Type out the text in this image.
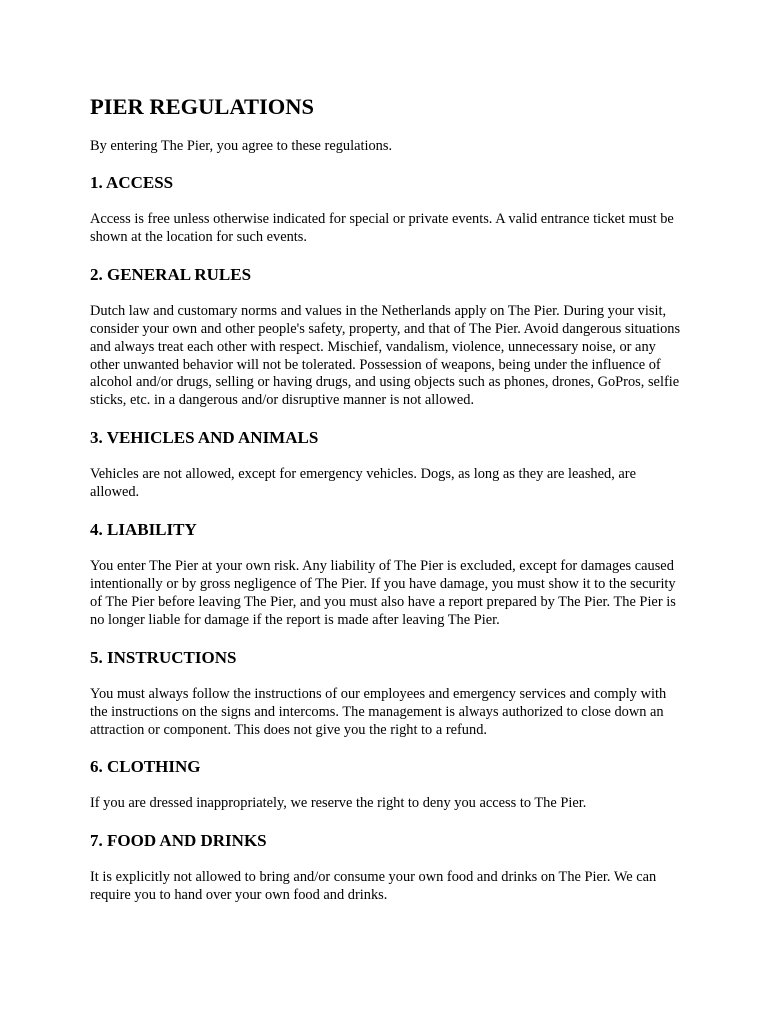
PIER REGULATIONS

By entering The Pier, you agree to these regulations.

1. ACCESS

Access is free unless otherwise indicated for special or private events. A valid entrance ticket must be shown at the location for such events.

2. GENERAL RULES

Dutch law and customary norms and values in the Netherlands apply on The Pier. During your visit, consider your own and other people's safety, property, and that of The Pier. Avoid dangerous situations and always treat each other with respect. Mischief, vandalism, violence, unnecessary noise, or any other unwanted behavior will not be tolerated. Possession of weapons, being under the influence of alcohol and/or drugs, selling or having drugs, and using objects such as phones, drones, GoPros, selfie sticks, etc. in a dangerous and/or disruptive manner is not allowed.

3. VEHICLES AND ANIMALS

Vehicles are not allowed, except for emergency vehicles. Dogs, as long as they are leashed, are allowed.

4. LIABILITY

You enter The Pier at your own risk. Any liability of The Pier is excluded, except for damages caused intentionally or by gross negligence of The Pier. If you have damage, you must show it to the security of The Pier before leaving The Pier, and you must also have a report prepared by The Pier. The Pier is no longer liable for damage if the report is made after leaving The Pier.

5. INSTRUCTIONS

You must always follow the instructions of our employees and emergency services and comply with the instructions on the signs and intercoms. The management is always authorized to close down an attraction or component. This does not give you the right to a refund.

6. CLOTHING

If you are dressed inappropriately, we reserve the right to deny you access to The Pier.

7. FOOD AND DRINKS

It is explicitly not allowed to bring and/or consume your own food and drinks on The Pier. We can require you to hand over your own food and drinks.
